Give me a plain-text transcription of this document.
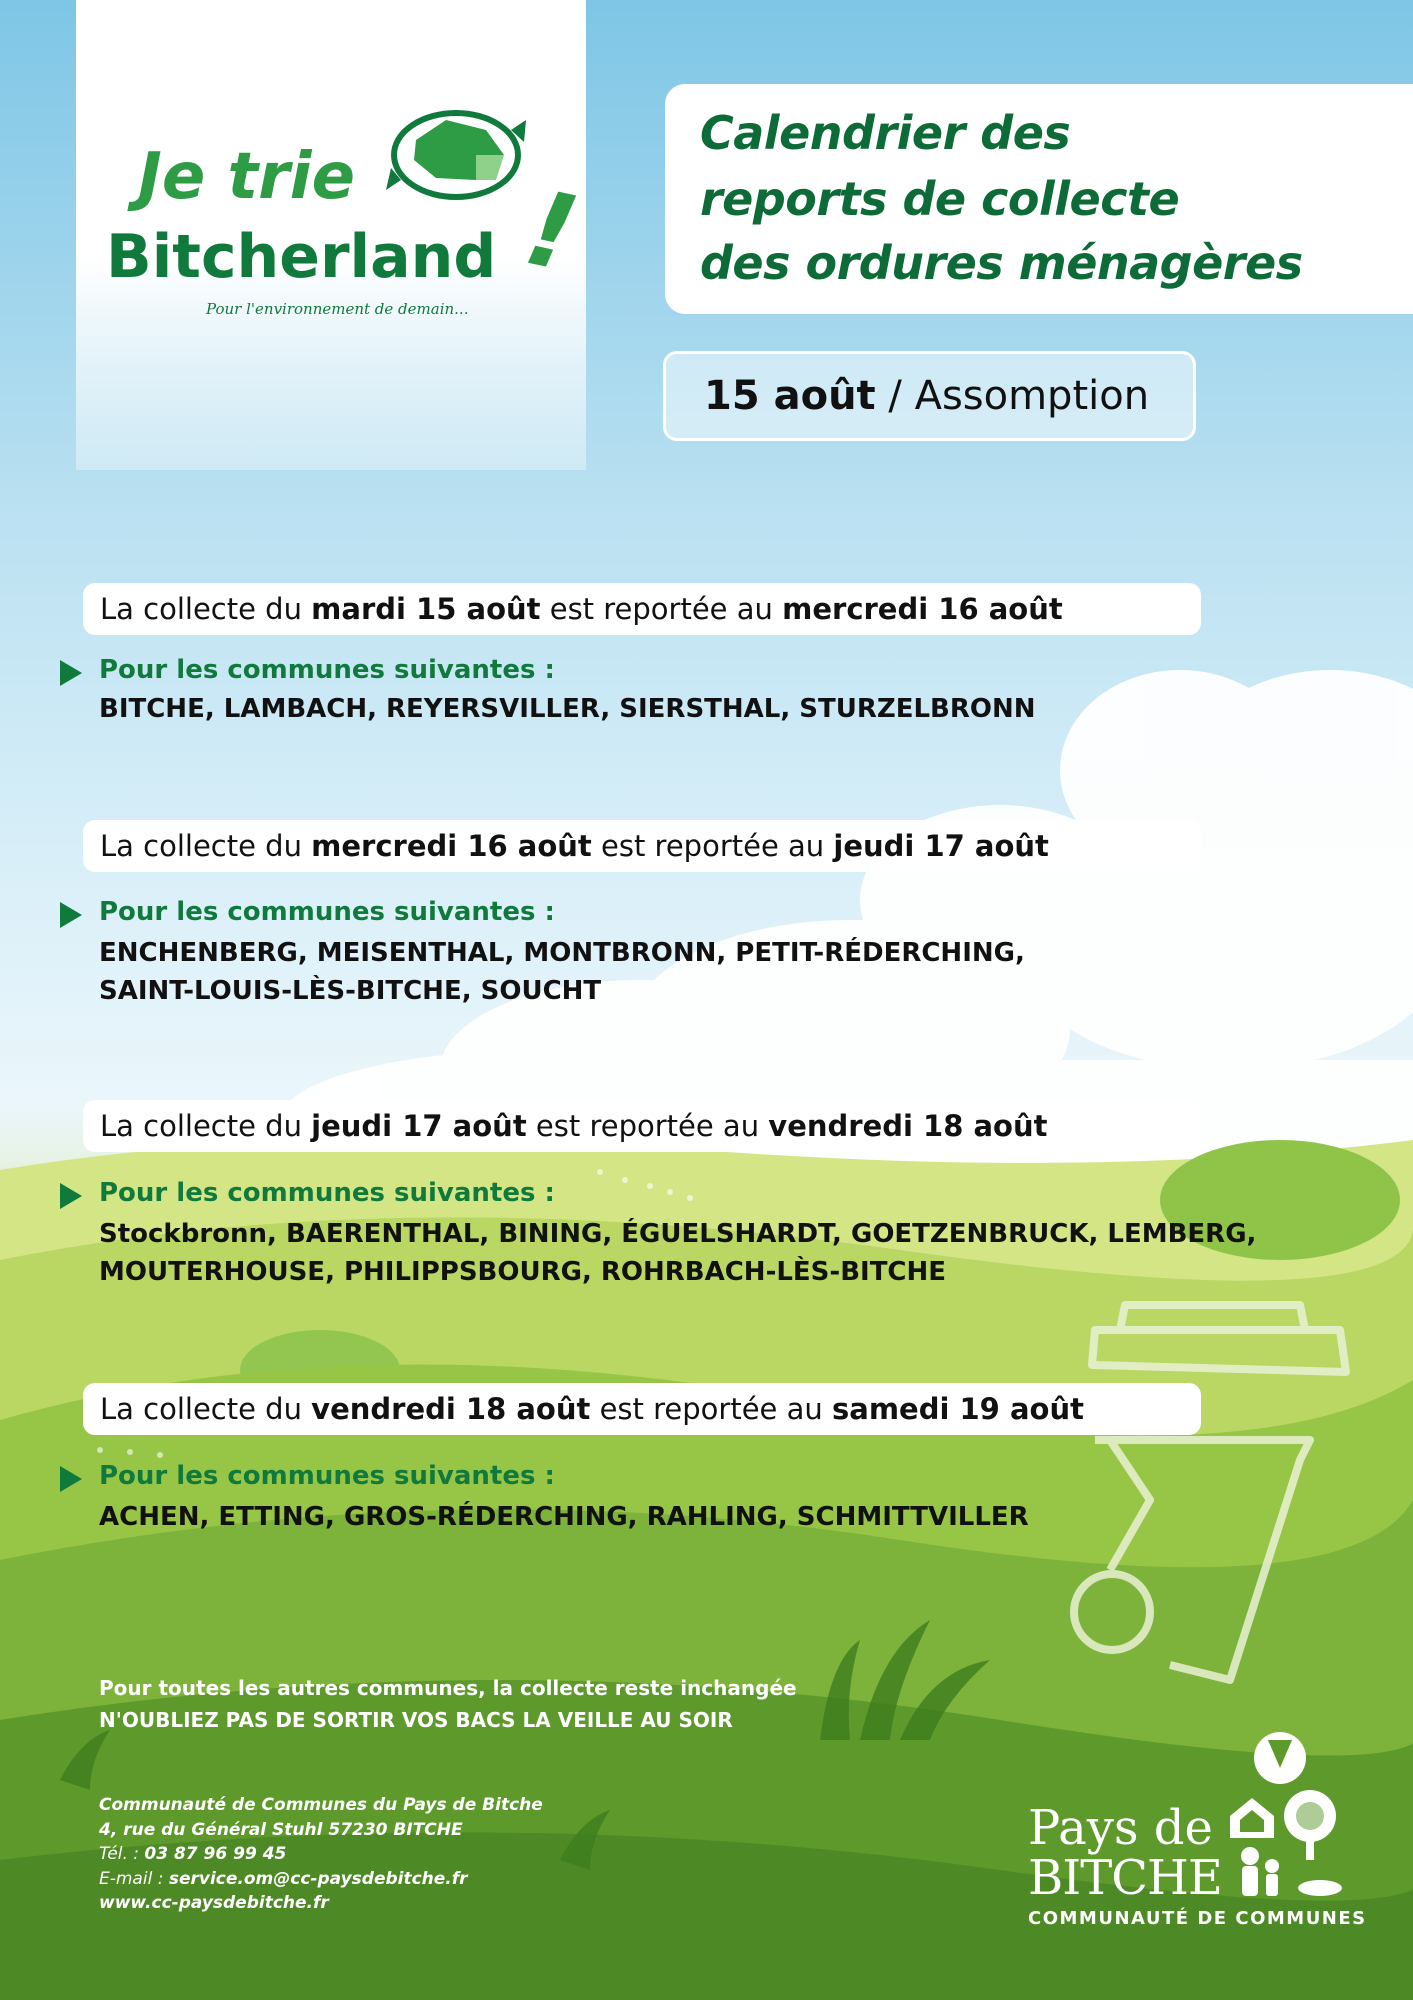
Je trie
Bitcherland !
Pour l'environnement de demain...
Calendrier des
reports de collecte
des ordures ménagères
15 août / Assomption
La collecte du mardi 15 août est reportée au mercredi 16 août
Pour les communes suivantes :
BITCHE, LAMBACH, REYERSVILLER, SIERSTHAL, STURZELBRONN
La collecte du mercredi 16 août est reportée au jeudi 17 août
Pour les communes suivantes :
ENCHENBERG, MEISENTHAL, MONTBRONN, PETIT-RÉDERCHING,
SAINT-LOUIS-LÈS-BITCHE, SOUCHT
La collecte du jeudi 17 août est reportée au vendredi 18 août
Pour les communes suivantes :
Stockbronn, BAERENTHAL, BINING, ÉGUELSHARDT, GOETZENBRUCK, LEMBERG,
MOUTERHOUSE, PHILIPPSBOURG, ROHRBACH-LÈS-BITCHE
La collecte du vendredi 18 août est reportée au samedi 19 août
Pour les communes suivantes :
ACHEN, ETTING, GROS-RÉDERCHING, RAHLING, SCHMITTVILLER
Pour toutes les autres communes, la collecte reste inchangée
N'OUBLIEZ PAS DE SORTIR VOS BACS LA VEILLE AU SOIR
Communauté de Communes du Pays de Bitche
4, rue du Général Stuhl 57230 BITCHE
Tél. : 03 87 96 99 45
E-mail : service.om@cc-paysdebitche.fr
www.cc-paysdebitche.fr
Pays de
BITCHE
COMMUNAUTÉ DE COMMUNES
